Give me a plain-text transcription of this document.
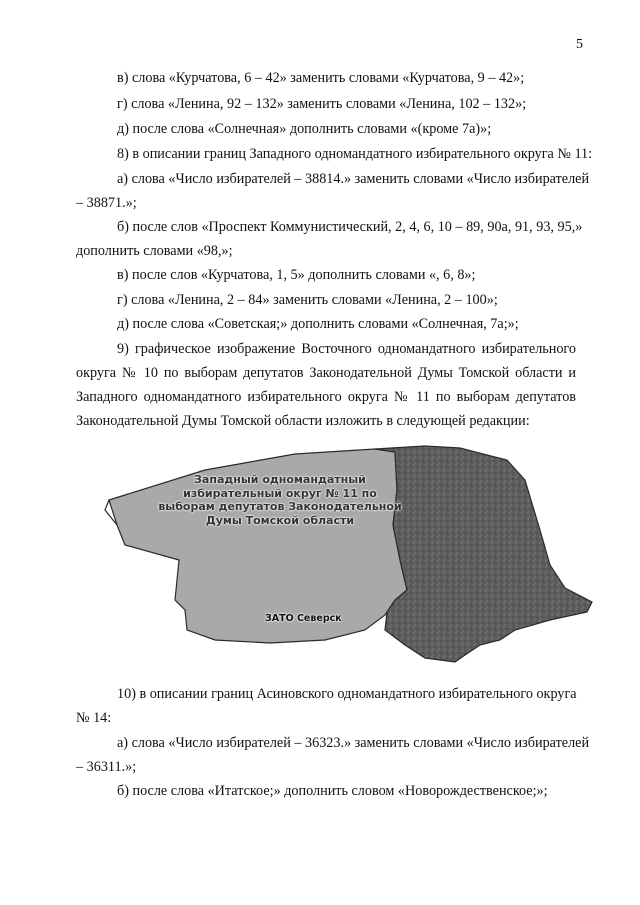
5
в) слова «Курчатова, 6 – 42» заменить словами «Курчатова, 9 – 42»;
г) слова «Ленина, 92 – 132» заменить словами «Ленина, 102 – 132»;
д) после слова «Солнечная» дополнить словами «(кроме 7а)»;
8) в описании границ Западного одномандатного избирательного округа № 11:
а) слова «Число избирателей – 38814.» заменить словами «Число избирателей
– 38871.»;
б) после слов «Проспект Коммунистический, 2, 4, 6, 10 – 89, 90а, 91, 93, 95,»
дополнить словами «98,»;
в) после слов «Курчатова, 1, 5» дополнить словами «, 6, 8»;
г) слова «Ленина, 2 – 84» заменить словами «Ленина, 2 – 100»;
д) после слова «Советская;» дополнить словами «Солнечная, 7а;»;
9) графическое изображение Восточного одномандатного избирательного
округа № 10 по выборам депутатов Законодательной Думы Томской области и
Западного одномандатного избирательного округа № 11 по выборам депутатов
Законодательной Думы Томской области изложить в следующей редакции:
Западный одномандатный
избирательный округ № 11 по
выборам депутатов Законодательной
Думы Томской области
ЗАТО Северск
10) в описании границ Асиновского одномандатного избирательного округа
№ 14:
а) слова «Число избирателей – 36323.» заменить словами «Число избирателей
– 36311.»;
б) после слова «Итатское;» дополнить словом «Новорождественское;»;
